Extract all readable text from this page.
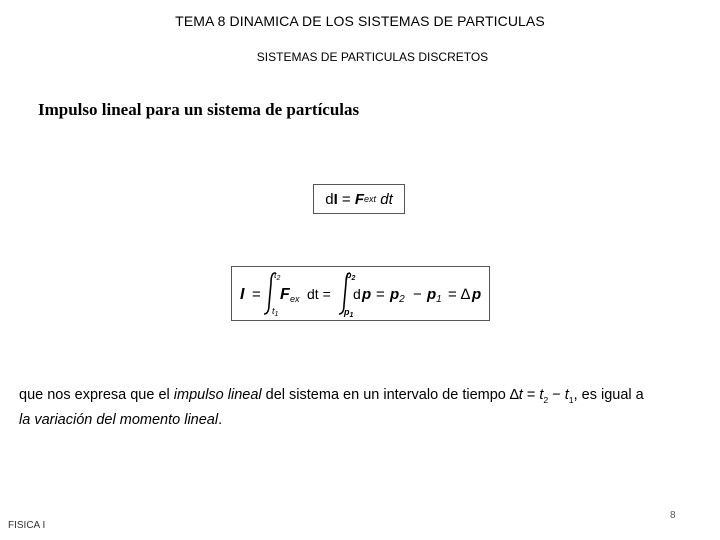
TEMA 8 DINAMICA DE LOS SISTEMAS DE PARTICULAS
SISTEMAS DE PARTICULAS DISCRETOS
Impulso lineal para un sistema de partículas
d I = F ext dt
I =
$t_2$
$t_1$
F ex dt =
$p_2$
$p_1$
d $p = p_2 - p_1$ = ∆ p
que nos expresa que el impulso lineal del sistema en un intervalo de tiempo $\Delta t = t_2 - t_1$, es igual a
la variación del momento lineal.
FISICA I
8
